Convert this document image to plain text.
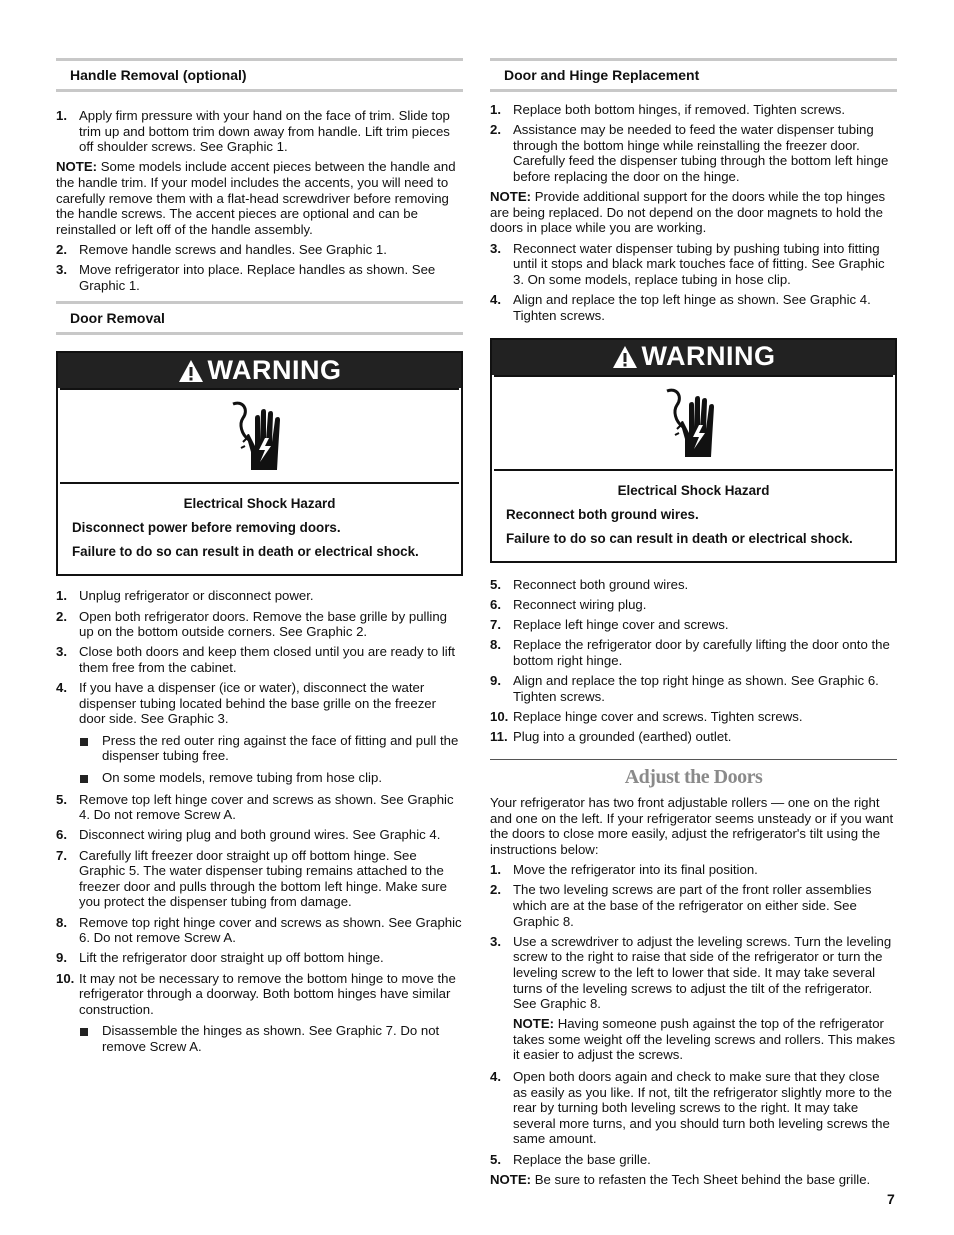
Handle Removal (optional)
1. Apply firm pressure with your hand on the face of trim. Slide top trim up and bottom trim down away from handle. Lift trim pieces off shoulder screws. See Graphic 1.

NOTE: Some models include accent pieces between the handle and the handle trim. If your model includes the accents, you will need to carefully remove them with a flat-head screwdriver before removing the handle screws. The accent pieces are optional and can be reinstalled or left off of the handle assembly.

2. Remove handle screws and handles. See Graphic 1.
3. Move refrigerator into place. Replace handles as shown. See Graphic 1.
Door Removal
WARNING
Electrical Shock Hazard
Disconnect power before removing doors.
Failure to do so can result in death or electrical shock.
1. Unplug refrigerator or disconnect power.
2. Open both refrigerator doors. Remove the base grille by pulling up on the bottom outside corners. See Graphic 2.
3. Close both doors and keep them closed until you are ready to lift them free from the cabinet.
4. If you have a dispenser (ice or water), disconnect the water dispenser tubing located behind the base grille on the freezer door side. See Graphic 3.
Press the red outer ring against the face of fitting and pull the dispenser tubing free.
On some models, remove tubing from hose clip.
5. Remove top left hinge cover and screws as shown. See Graphic 4. Do not remove Screw A.
6. Disconnect wiring plug and both ground wires. See Graphic 4.
7. Carefully lift freezer door straight up off bottom hinge. See Graphic 5. The water dispenser tubing remains attached to the freezer door and pulls through the bottom left hinge. Make sure you protect the dispenser tubing from damage.
8. Remove top right hinge cover and screws as shown. See Graphic 6. Do not remove Screw A.
9. Lift the refrigerator door straight up off bottom hinge.
10. It may not be necessary to remove the bottom hinge to move the refrigerator through a doorway. Both bottom hinges have similar construction.
Disassemble the hinges as shown. See Graphic 7. Do not remove Screw A.
Door and Hinge Replacement
1. Replace both bottom hinges, if removed. Tighten screws.
2. Assistance may be needed to feed the water dispenser tubing through the bottom hinge while reinstalling the freezer door. Carefully feed the dispenser tubing through the bottom left hinge before replacing the door on the hinge.

NOTE: Provide additional support for the doors while the top hinges are being replaced. Do not depend on the door magnets to hold the doors in place while you are working.

3. Reconnect water dispenser tubing by pushing tubing into fitting until it stops and black mark touches face of fitting. See Graphic 3. On some models, replace tubing in hose clip.
4. Align and replace the top left hinge as shown. See Graphic 4. Tighten screws.
WARNING
Electrical Shock Hazard
Reconnect both ground wires.
Failure to do so can result in death or electrical shock.
5. Reconnect both ground wires.
6. Reconnect wiring plug.
7. Replace left hinge cover and screws.
8. Replace the refrigerator door by carefully lifting the door onto the bottom right hinge.
9. Align and replace the top right hinge as shown. See Graphic 6. Tighten screws.
10. Replace hinge cover and screws. Tighten screws.
11. Plug into a grounded (earthed) outlet.
Adjust the Doors

Your refrigerator has two front adjustable rollers — one on the right and one on the left. If your refrigerator seems unsteady or if you want the doors to close more easily, adjust the refrigerator's tilt using the instructions below:

1. Move the refrigerator into its final position.
2. The two leveling screws are part of the front roller assemblies which are at the base of the refrigerator on either side. See Graphic 8.
3. Use a screwdriver to adjust the leveling screws. Turn the leveling screw to the right to raise that side of the refrigerator or turn the leveling screw to the left to lower that side. It may take several turns of the leveling screws to adjust the tilt of the refrigerator. See Graphic 8.

NOTE: Having someone push against the top of the refrigerator takes some weight off the leveling screws and rollers. This makes it easier to adjust the screws.

4. Open both doors again and check to make sure that they close as easily as you like. If not, tilt the refrigerator slightly more to the rear by turning both leveling screws to the right. It may take several more turns, and you should turn both leveling screws the same amount.
5. Replace the base grille.

NOTE: Be sure to refasten the Tech Sheet behind the base grille.

7
